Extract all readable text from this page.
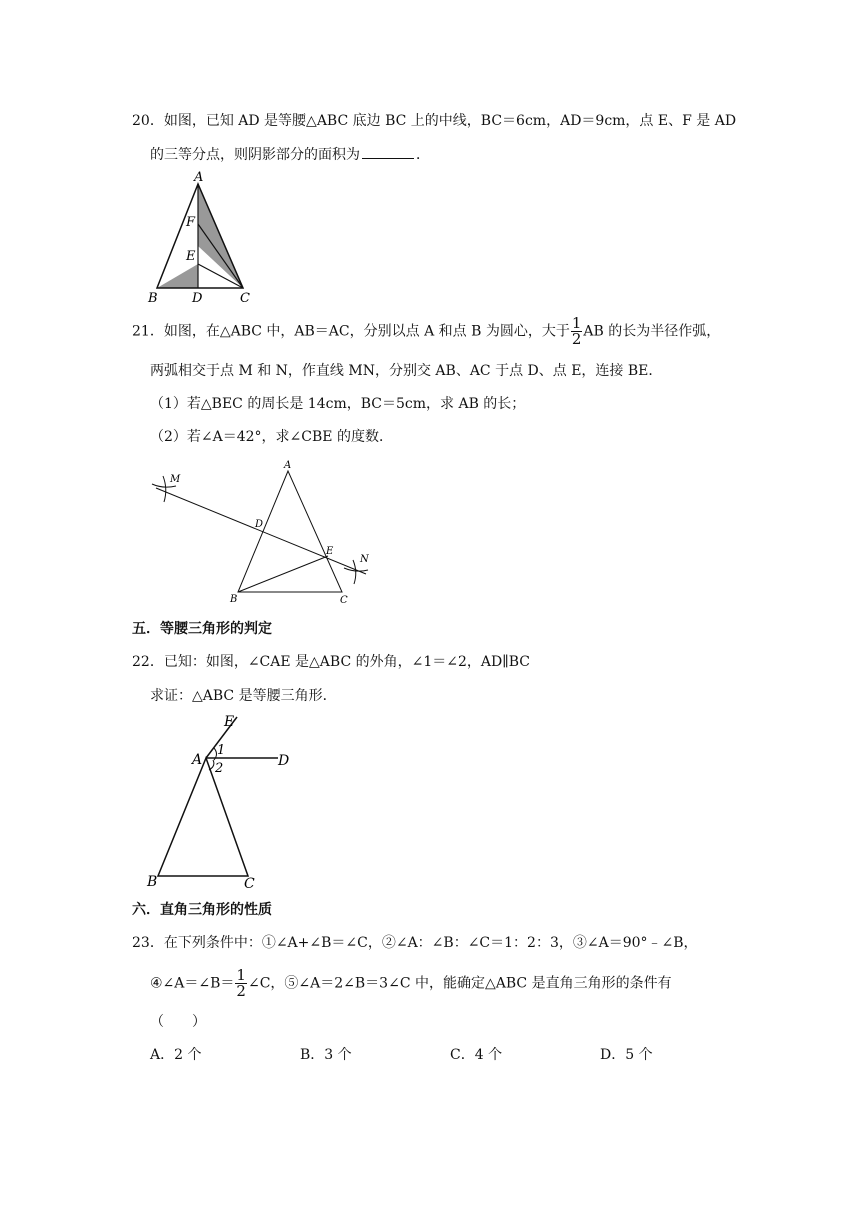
20．如图，已知 AD 是等腰△ABC 底边 BC 上的中线，BC＝6cm，AD＝9cm，点 E、F 是 AD
的三等分点，则阴影部分的面积为	．
A
F
E
B	D	C
21．如图，在△ABC 中，AB＝AC，分别以点 A 和点 B 为圆心，大于 $\frac{1}{2}$ AB 的长为半径作弧，
两弧相交于点 M 和 N，作直线 MN，分别交 AB、AC 于点 D、点 E，连接 BE．
（1）若△BEC 的周长是 14cm，BC＝5cm，求 AB 的长；
（2）若∠A＝42°，求∠CBE 的度数．
A
M
D
E
N
B	C
五．等腰三角形的判定
22．已知：如图，∠CAE 是△ABC 的外角，∠1＝∠2，AD∥BC
求证：△ABC 是等腰三角形．
E
A
1
2	D
B	C
六．直角三角形的性质
23．在下列条件中：①∠A+∠B＝∠C，②∠A：∠B：∠C＝1：2：3，③∠A＝90°﹣∠B，
④∠A＝∠B＝ $\frac{1}{2}$ ∠C，⑤∠A＝2∠B＝3∠C 中，能确定△ABC 是直角三角形的条件有
（　　）
A．2 个	B．3 个	C．4 个	D．5 个
